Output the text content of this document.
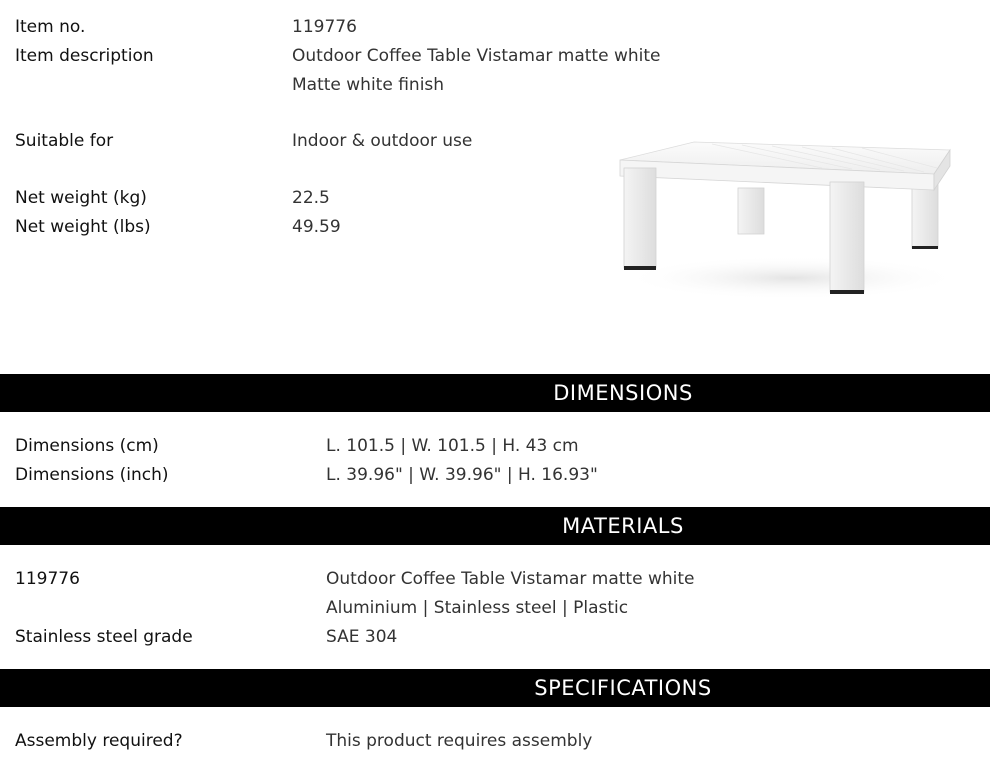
Item no.	119776
Item description	Outdoor Coffee Table Vistamar matte white
Matte white finish
Suitable for	Indoor & outdoor use
Net weight (kg)	22.5
Net weight (lbs)	49.59
DIMENSIONS
Dimensions (cm)	L. 101.5 | W. 101.5 | H. 43 cm
Dimensions (inch)	L. 39.96" | W. 39.96" | H. 16.93"
MATERIALS
119776	Outdoor Coffee Table Vistamar matte white
Aluminium | Stainless steel | Plastic
Stainless steel grade	SAE 304
SPECIFICATIONS
Assembly required?	This product requires assembly
